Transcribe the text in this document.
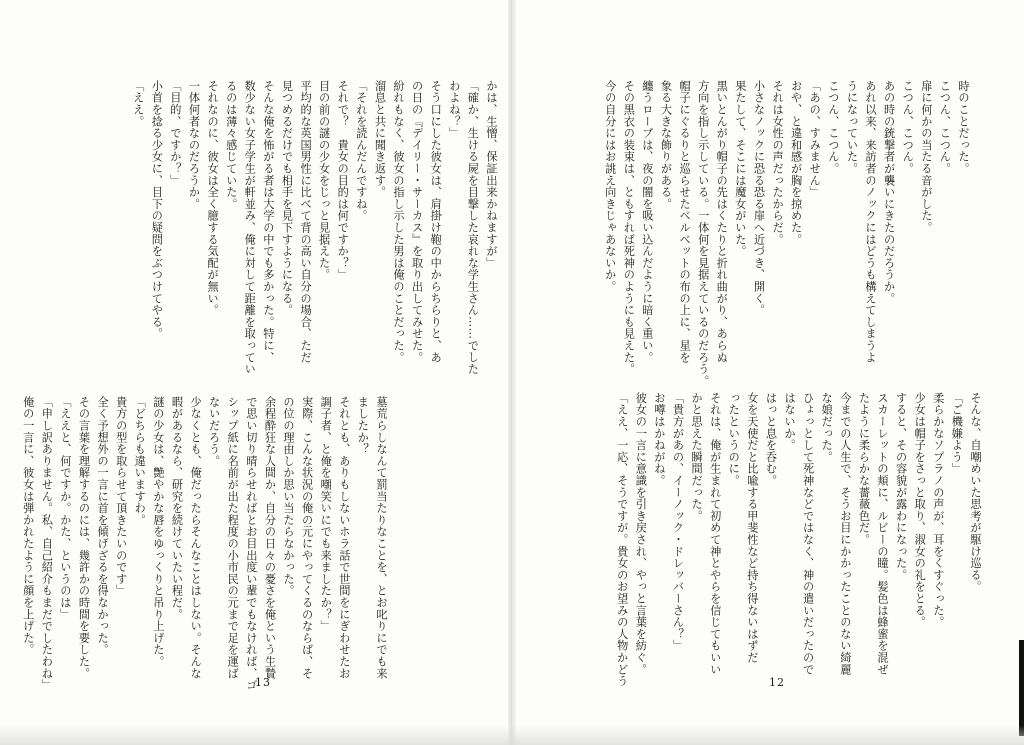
かは、生憎、保証出来かねますが」
「確か、生ける屍を目撃した哀れな学生さん……でした
わよね？」
そう口にした彼女は、肩掛け鞄の中からちらりと、あ
の日の『デイリー・サーカス』を取り出してみせた。
紛れもなく、彼女の指し示した男は俺のことだった。
溜息と共に聞き返す。
「それを読んだんですね。
それで？　貴女の目的は何ですか？」
目の前の謎の少女をじっと見据えた。
平均的な英国男性に比べて背の高い自分の場合、ただ
見つめるだけでも相手を見下すようになる。
そんな俺を怖がる者は大学の中でも多かった。特に、
数少ない女子学生が軒並み、俺に対して距離を取ってい
るのは薄々感じていた。
それなのに、彼女は全く臆する気配が無い。
一体何者なのだろうか。
「目的、ですか？」
小首を捻る少女に、目下の疑問をぶつけてやる。
「ええ。
墓荒らしなんて罰当たりなことを、とお叱りにでも来
ましたか？
それとも、ありもしないホラ話で世間をにぎわせたお
調子者、と俺を嘲笑いにでも来ましたか？」
実際、こんな状況の俺の元にやってくるのならば、そ
の位の理由しか思い当たらなかった。
余程酔狂な人間か、自分の日々の憂さを俺という生贄
で思い切り晴らせればとお目出度い輩でもなければ、ゴ
シップ紙に名前が出た程度の小市民の元まで足を運ば
ないだろう。
少なくとも、俺だったらそんなことはしない。そんな
暇があるなら、研究を続けていたい程だ。
謎の少女は、艶やかな唇をゆっくりと吊り上げた。
「どちらも違いますわ。
貴方の型を取らせて頂きたいのです」
全く予想外の一言に首を傾げざるを得なかった。
その言葉を理解するのには、幾許かの時間を要した。
「ええと、何ですか。かた、というのは」
「申し訳ありません。私、自己紹介もまだでしたわね」
俺の一言に、彼女は弾かれたように顔を上げた。
13
時のことだった。
こつん、こつん。
扉に何かの当たる音がした。
こつん、こつん。
あの時の銃撃者が襲いにきたのだろうか。
あれ以来、来訪者のノックにはどうも構えてしまうよ
うになっていた。
こつん、こつん。
「あの、すみません」
おや、と違和感が胸を掠めた。
それは女性の声だったからだ。
小さなノックに恐る恐る扉へ近づき、開く。
果たして、そこには魔女がいた。
黒いとんがり帽子の先はくたりと折れ曲がり、あらぬ
方向を指し示している。一体何を見据えているのだろう。
帽子にぐるりと巡らせたベルベットの布の上に、星を
象る大きな飾りがある。
纏うローブは、夜の闇を吸い込んだように暗く重い。
その黒衣の装束は、ともすれば死神のようにも見えた。
今の自分にはお誂え向きじゃあないか。
そんな、自嘲めいた思考が駆け巡る。
「ご機嫌よう」
柔らかなソプラノの声が、耳をくすぐった。
少女は帽子をさっと取り、淑女の礼をとる。
すると、その容貌が露わになった。
スカーレットの頬に、ルビーの瞳。髪色は蜂蜜を混ぜ
たように柔らかな薔薇色だ。
今までの人生で、そうお目にかかったことのない綺麗
な娘だった。
ひょっとして死神などではなく、神の遣いだったので
はないか。
はっと息を呑む。
女を天使だと比喩する甲斐性など持ち得ないはずだ
ったというのに。
それは、俺が生まれて初めて神とやらを信じてもいい
かと思えた瞬間だった。
「貴方があの、イーノック・ドレッバーさん？」
お噂はかねがね。
彼女の一言に意識を引き戻され、やっと言葉を紡ぐ。
「ええ、一応、そうですが。貴女のお望みの人物かどう	12
